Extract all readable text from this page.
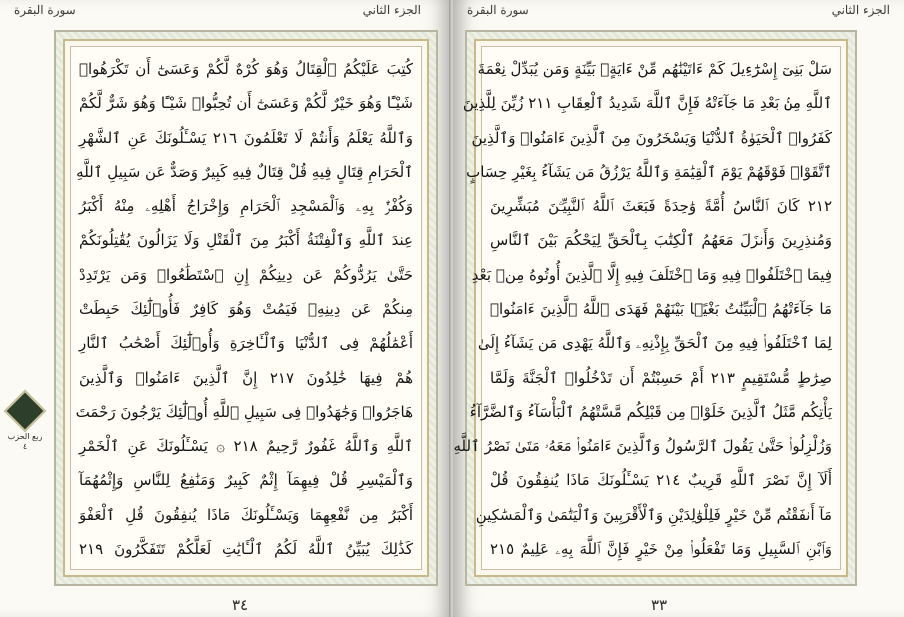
سورة البقرة	الجزء الثاني
ربع الحزب ٤
كُتِبَ عَلَيْكُمُ ٱلْقِتَالُ وَهُوَ كُرْهٌ لَّكُمْ وَعَسَىٰٓ أَن تَكْرَهُوا۟
شَيْـًٔا وَهُوَ خَيْرٌ لَّكُمْ وَعَسَىٰٓ أَن تُحِبُّوا۟ شَيْـًٔا وَهُوَ شَرٌّ لَّكُمْ
وَٱللَّهُ يَعْلَمُ وَأَنتُمْ لَا تَعْلَمُونَ ٢١٦ يَسْـَٔلُونَكَ عَنِ ٱلشَّهْرِ
ٱلْحَرَامِ قِتَالٍ فِيهِ قُلْ قِتَالٌ فِيهِ كَبِيرٌ وَصَدٌّ عَن سَبِيلِ ٱللَّهِ
وَكُفْرٌۢ بِهِۦ وَٱلْمَسْجِدِ ٱلْحَرَامِ وَإِخْرَاجُ أَهْلِهِۦ مِنْهُ أَكْبَرُ
عِندَ ٱللَّهِ وَٱلْفِتْنَةُ أَكْبَرُ مِنَ ٱلْقَتْلِ وَلَا يَزَالُونَ يُقَٰتِلُونَكُمْ
حَتَّىٰ يَرُدُّوكُمْ عَن دِينِكُمْ إِنِ ٱسْتَطَٰعُوا۟ وَمَن يَرْتَدِدْ
مِنكُمْ عَن دِينِهِۦ فَيَمُتْ وَهُوَ كَافِرٌ فَأُو۟لَٰٓئِكَ حَبِطَتْ
أَعْمَٰلُهُمْ فِى ٱلدُّنْيَا وَٱلْـَٔاخِرَةِ وَأُو۟لَٰٓئِكَ أَصْحَٰبُ ٱلنَّارِ
هُمْ فِيهَا خَٰلِدُونَ ٢١٧ إِنَّ ٱلَّذِينَ ءَامَنُوا۟ وَٱلَّذِينَ
هَاجَرُوا۟ وَجَٰهَدُوا۟ فِى سَبِيلِ ٱللَّهِ أُو۟لَٰٓئِكَ يَرْجُونَ رَحْمَتَ
ٱللَّهِ وَٱللَّهُ غَفُورٌ رَّحِيمٌ ٢١٨ ۞ يَسْـَٔلُونَكَ عَنِ ٱلْخَمْرِ
وَٱلْمَيْسِرِ قُلْ فِيهِمَآ إِثْمٌ كَبِيرٌ وَمَنَٰفِعُ لِلنَّاسِ وَإِثْمُهُمَآ
أَكْبَرُ مِن نَّفْعِهِمَا وَيَسْـَٔلُونَكَ مَاذَا يُنفِقُونَ قُلِ ٱلْعَفْوَ
كَذَٰلِكَ يُبَيِّنُ ٱللَّهُ لَكُمُ ٱلْـَٔايَٰتِ لَعَلَّكُمْ تَتَفَكَّرُونَ ٢١٩
٣٤
سورة البقرة	الجزء الثاني
سَلْ بَنِىٓ إِسْرَٰٓءِيلَ كَمْ ءَاتَيْنَٰهُم مِّنْ ءَايَةٍۭ بَيِّنَةٍ وَمَن يُبَدِّلْ نِعْمَةَ
ٱللَّهِ مِنۢ بَعْدِ مَا جَآءَتْهُ فَإِنَّ ٱللَّهَ شَدِيدُ ٱلْعِقَابِ ٢١١ زُيِّنَ لِلَّذِينَ
كَفَرُوا۟ ٱلْحَيَوٰةُ ٱلدُّنْيَا وَيَسْخَرُونَ مِنَ ٱلَّذِينَ ءَامَنُوا۟ وَٱلَّذِينَ
ٱتَّقَوْا۟ فَوْقَهُمْ يَوْمَ ٱلْقِيَٰمَةِ وَٱللَّهُ يَرْزُقُ مَن يَشَآءُ بِغَيْرِ حِسَابٍ
٢١٢ كَانَ ٱلنَّاسُ أُمَّةً وَٰحِدَةً فَبَعَثَ ٱللَّهُ ٱلنَّبِيِّـۧنَ مُبَشِّرِينَ
وَمُنذِرِينَ وَأَنزَلَ مَعَهُمُ ٱلْكِتَٰبَ بِٱلْحَقِّ لِيَحْكُمَ بَيْنَ ٱلنَّاسِ
فِيمَا ٱخْتَلَفُوا۟ فِيهِ وَمَا ٱخْتَلَفَ فِيهِ إِلَّا ٱلَّذِينَ أُوتُوهُ مِنۢ بَعْدِ
مَا جَآءَتْهُمُ ٱلْبَيِّنَٰتُ بَغْيًۢا بَيْنَهُمْ فَهَدَى ٱللَّهُ ٱلَّذِينَ ءَامَنُوا۟
لِمَا ٱخْتَلَفُوا۟ فِيهِ مِنَ ٱلْحَقِّ بِإِذْنِهِۦ وَٱللَّهُ يَهْدِى مَن يَشَآءُ إِلَىٰ
صِرَٰطٍ مُّسْتَقِيمٍ ٢١٣ أَمْ حَسِبْتُمْ أَن تَدْخُلُوا۟ ٱلْجَنَّةَ وَلَمَّا
يَأْتِكُم مَّثَلُ ٱلَّذِينَ خَلَوْا۟ مِن قَبْلِكُم مَّسَّتْهُمُ ٱلْبَأْسَآءُ وَٱلضَّرَّآءُ
وَزُلْزِلُوا۟ حَتَّىٰ يَقُولَ ٱلرَّسُولُ وَٱلَّذِينَ ءَامَنُوا۟ مَعَهُۥ مَتَىٰ نَصْرُ ٱللَّهِ
أَلَآ إِنَّ نَصْرَ ٱللَّهِ قَرِيبٌ ٢١٤ يَسْـَٔلُونَكَ مَاذَا يُنفِقُونَ قُلْ
مَآ أَنفَقْتُم مِّنْ خَيْرٍ فَلِلْوَٰلِدَيْنِ وَٱلْأَقْرَبِينَ وَٱلْيَتَٰمَىٰ وَٱلْمَسَٰكِينِ
وَٱبْنِ ٱلسَّبِيلِ وَمَا تَفْعَلُوا۟ مِنْ خَيْرٍ فَإِنَّ ٱللَّهَ بِهِۦ عَلِيمٌ ٢١٥
٣٣
